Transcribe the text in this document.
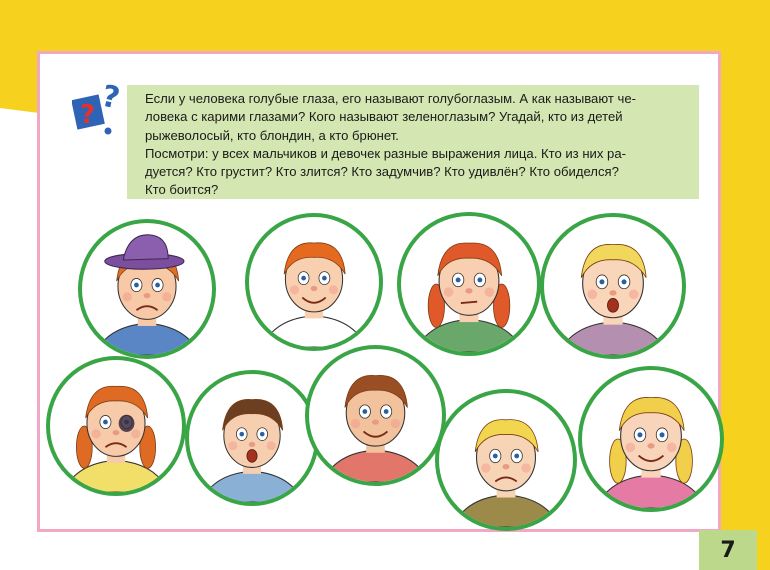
? ? Если у человека голубые глаза, его называют голубоглазым. А как называют че-
ловека с карими глазами? Кого называют зеленоглазым? Угадай, кто из детей
рыжеволосый, кто блондин, а кто брюнет.
Посмотри: у всех мальчиков и девочек разные выражения лица. Кто из них ра-
дуется? Кто грустит? Кто злится? Кто задумчив? Кто удивлён? Кто обиделся?
Кто боится?

7
